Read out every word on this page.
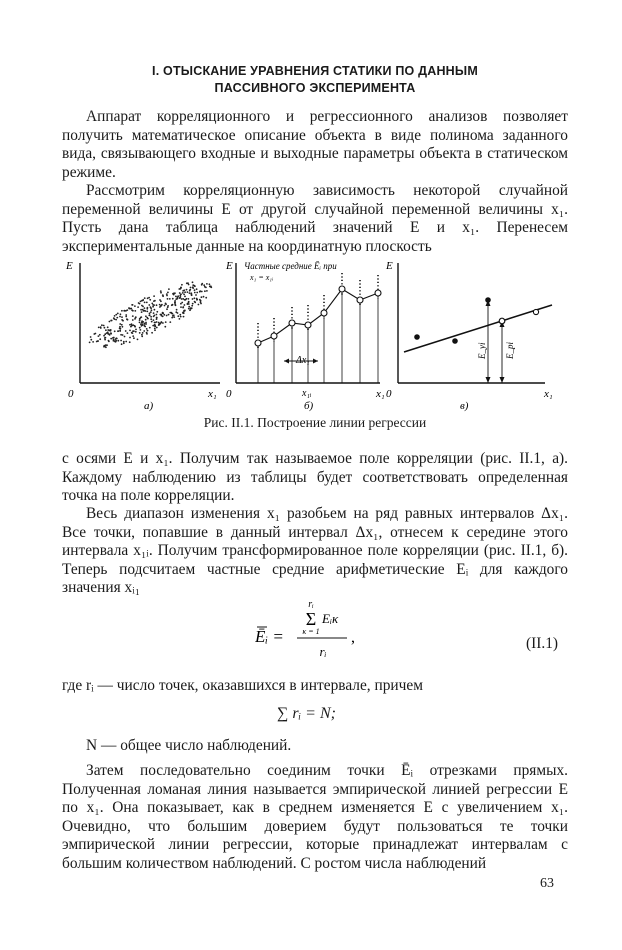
I. ОТЫСКАНИЕ УРАВНЕНИЯ СТАТИКИ ПО ДАННЫМ
ПАССИВНОГО ЭКСПЕРИМЕНТА

Аппарат корреляционного и регрессионного анализов позволяет получить математическое описание объекта в виде полинома заданного вида, связывающего входные и выходные параметры объекта в статическом режиме.

Рассмотрим корреляционную зависимость некоторой случайной переменной величины E от другой случайной переменной величины x₁. Пусть дана таблица наблюдений значений E и x₁. Перенесем экспериментальные данные на координатную плоскость

E
x₁
0
а)
E
x₁
0
Частные средние Ēᵢ при
x₁ = x₁ᵢ
x₁ᵢ
б)
Δx₁
E
x₁
0
в)
E_yi E_pi
Рис. II.1. Построение линии регрессии

с осями E и x₁. Получим так называемое поле корреляции (рис. II.1, а). Каждому наблюдению из таблицы будет соответствовать определенная точка на поле корреляции.

Весь диапазон изменения x₁ разобьем на ряд равных интервалов Δx₁. Все точки, попавшие в данный интервал Δx₁, отнесем к середине этого интервала x₁ᵢ. Получим трансформированное поле корреляции (рис. II.1, б). Теперь подсчитаем частные средние арифметические Eᵢ для каждого значения xᵢ₁

Ēᵢ =
rᵢ
Σ Eᵢκ
κ = 1
rᵢ
,	(II.1)

где rᵢ — число точек, оказавшихся в интервале, причем

∑ rᵢ = N;

N — общее число наблюдений.

Затем последовательно соединим точки Ēᵢ отрезками прямых. Полученная ломаная линия называется эмпирической линией регрессии E по x₁. Она показывает, как в среднем изменяется E с увеличением x₁. Очевидно, что большим доверием будут пользоваться те точки эмпирической линии регрессии, которые принадлежат интервалам с большим количеством наблюдений. С ростом числа наблюдений

63
